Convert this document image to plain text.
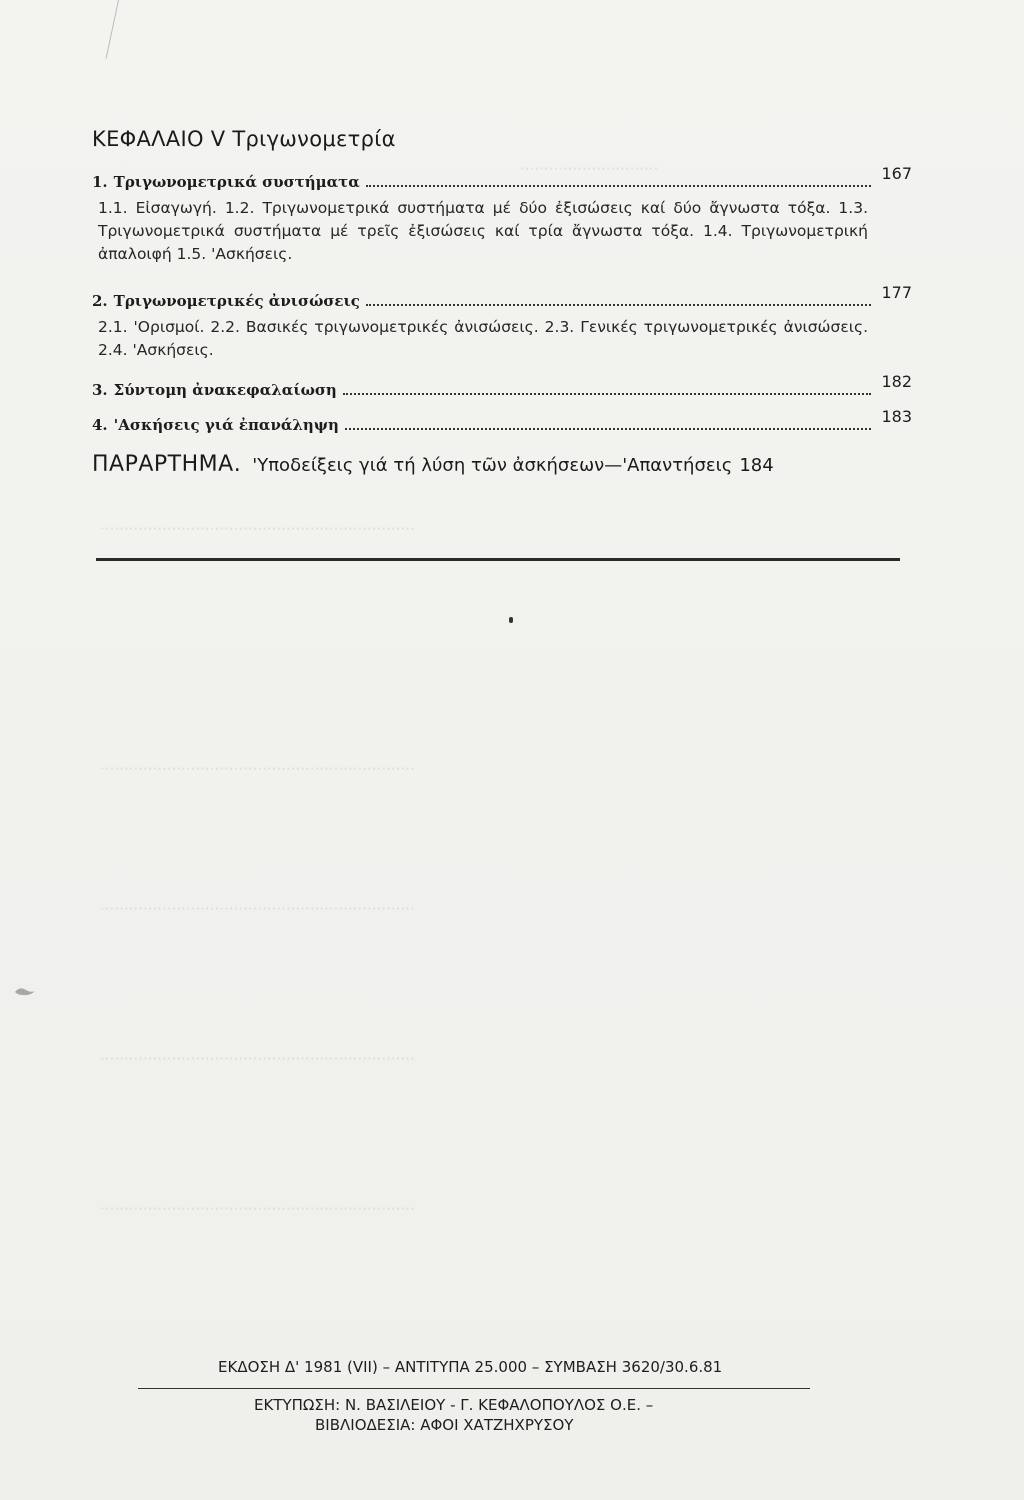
·····························
··································································
··································································
··································································
··································································
··································································
ΚΕΦΑΛΑΙΟ V Τριγωνομετρία
1. Τριγωνομετρικά συστήματα	167
1.1. Εἰσαγωγή. 1.2. Τριγωνομετρικά συστήματα μέ δύο ἐξισώσεις καί δύο ἄγνωστα τόξα. 1.3. Τριγωνομετρικά συστήματα μέ τρεῖς ἐξισώσεις καί τρία ἄγνωστα τόξα. 1.4. Τριγωνομετρική ἀπαλοιφή 1.5. 'Ασκήσεις.
2. Τριγωνομετρικές ἀνισώσεις	177
2.1. 'Ορισμοί. 2.2. Βασικές τριγωνομετρικές ἀνισώσεις. 2.3. Γενικές τριγωνομετρικές ἀνισώσεις. 2.4. 'Ασκήσεις.
3. Σύντομη ἀνακεφαλαίωση	182
4. 'Ασκήσεις γιά ἐπανάληψη	183
ΠΑΡΑΡΤΗΜΑ. 'Υποδείξεις γιά τή λύση τῶν ἀσκήσεων—'Απαντήσεις 184
ΕΚΔΟΣΗ Δ' 1981 (VII) – ΑΝΤΙΤΥΠΑ 25.000 – ΣΥΜΒΑΣΗ 3620/30.6.81
ΕΚΤΥΠΩΣΗ: Ν. ΒΑΣΙΛΕΙΟΥ - Γ. ΚΕΦΑΛΟΠΟΥΛΟΣ Ο.Ε. –
ΒΙΒΛΙΟΔΕΣΙΑ: ΑΦΟΙ ΧΑΤΖΗΧΡΥΣΟΥ
